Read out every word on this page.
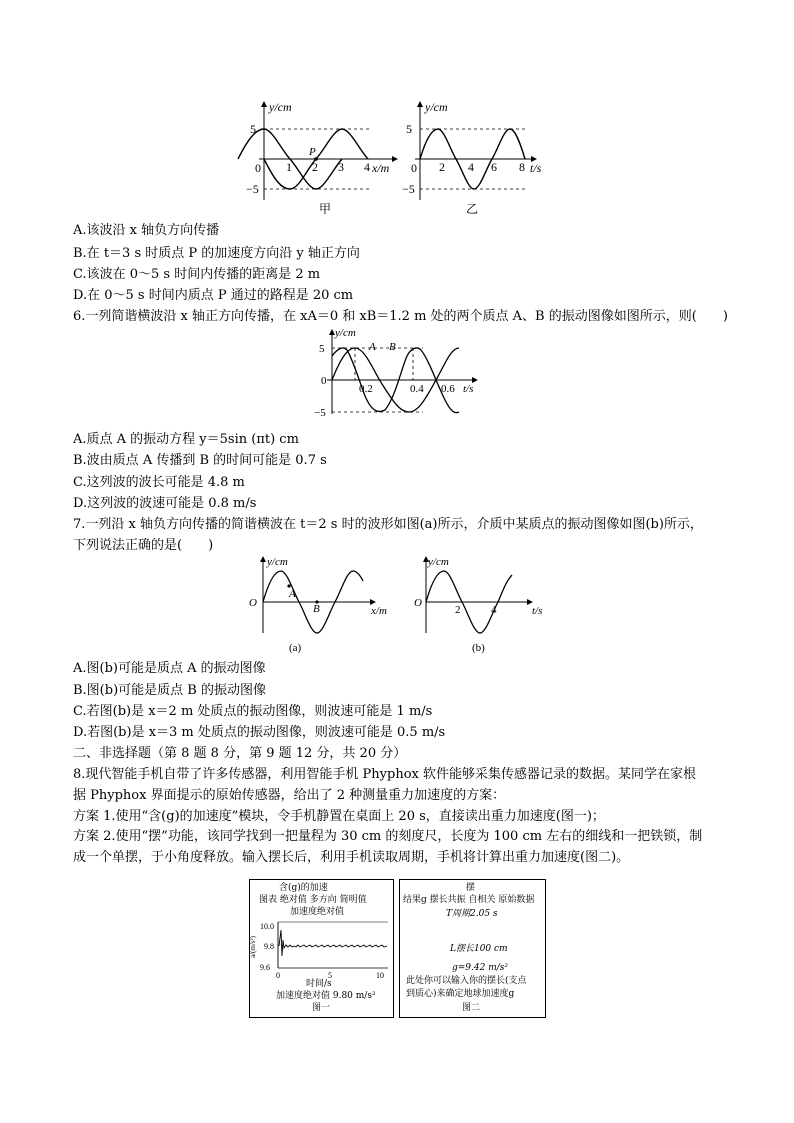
y/cm
5
−5
0 1 2 3 4
P
x/m
甲
y/cm
5
−5
0 2 4 6 8 t/s
乙
A.该波沿 x 轴负方向传播
B.在 t＝3 s 时质点 P 的加速度方向沿 y 轴正方向
C.该波在 0～5 s 时间内传播的距离是 2 m
D.在 0～5 s 时间内质点 P 通过的路程是 20 cm
6.一列简谐横波沿 x 轴正方向传播，在 xA＝0 和 xB＝1.2 m 处的两个质点 A、B 的振动图像如图所示，则(　　)
y/cm
5
−5
0
0.2	0.4 0.6 t/s
A B
A.质点 A 的振动方程 y＝5sin (πt) cm
B.波由质点 A 传播到 B 的时间可能是 0.7 s
C.这列波的波长可能是 4.8 m
D.这列波的波速可能是 0.8 m/s
7.一列沿 x 轴负方向传播的简谐横波在 t＝2 s 时的波形如图(a)所示，介质中某质点的振动图像如图(b)所示，
下列说法正确的是(　　)
y/cm
O
A
B	x/m
(a)
y/cm
O
2	4	t/s
(b)
A.图(b)可能是质点 A 的振动图像
B.图(b)可能是质点 B 的振动图像
C.若图(b)是 x＝2 m 处质点的振动图像，则波速可能是 1 m/s
D.若图(b)是 x＝3 m 处质点的振动图像，则波速可能是 0.5 m/s
二、非选择题（第 8 题 8 分，第 9 题 12 分，共 20 分）
8.现代智能手机自带了许多传感器，利用智能手机 Phyphox 软件能够采集传感器记录的数据。某同学在家根
据 Phyphox 界面提示的原始传感器，给出了 2 种测量重力加速度的方案：
方案 1.使用“含(g)的加速度”模块，令手机静置在桌面上 20 s，直接读出重力加速度(图一)；
方案 2.使用“摆”功能，该同学找到一把量程为 30 cm 的刻度尺，长度为 100 cm 左右的细线和一把铁锁，制
成一个单摆，于小角度释放。输入摆长后，利用手机读取周期，手机将计算出重力加速度(图二)。
含(g)的加速
图表 绝对值 多方向 简明值
加速度绝对值
10.0
9.8
9.6
a/(m/s²)
0	5	10
时间/s
加速度绝对值 9.80 m/s²
图一
摆
结果g 摆长共振 自相关 原始数据
T周期2.05 s
L摆长100 cm
g=9.42 m/s²
此处你可以输入你的摆长(支点
到质心)来确定地球加速度g
图二
